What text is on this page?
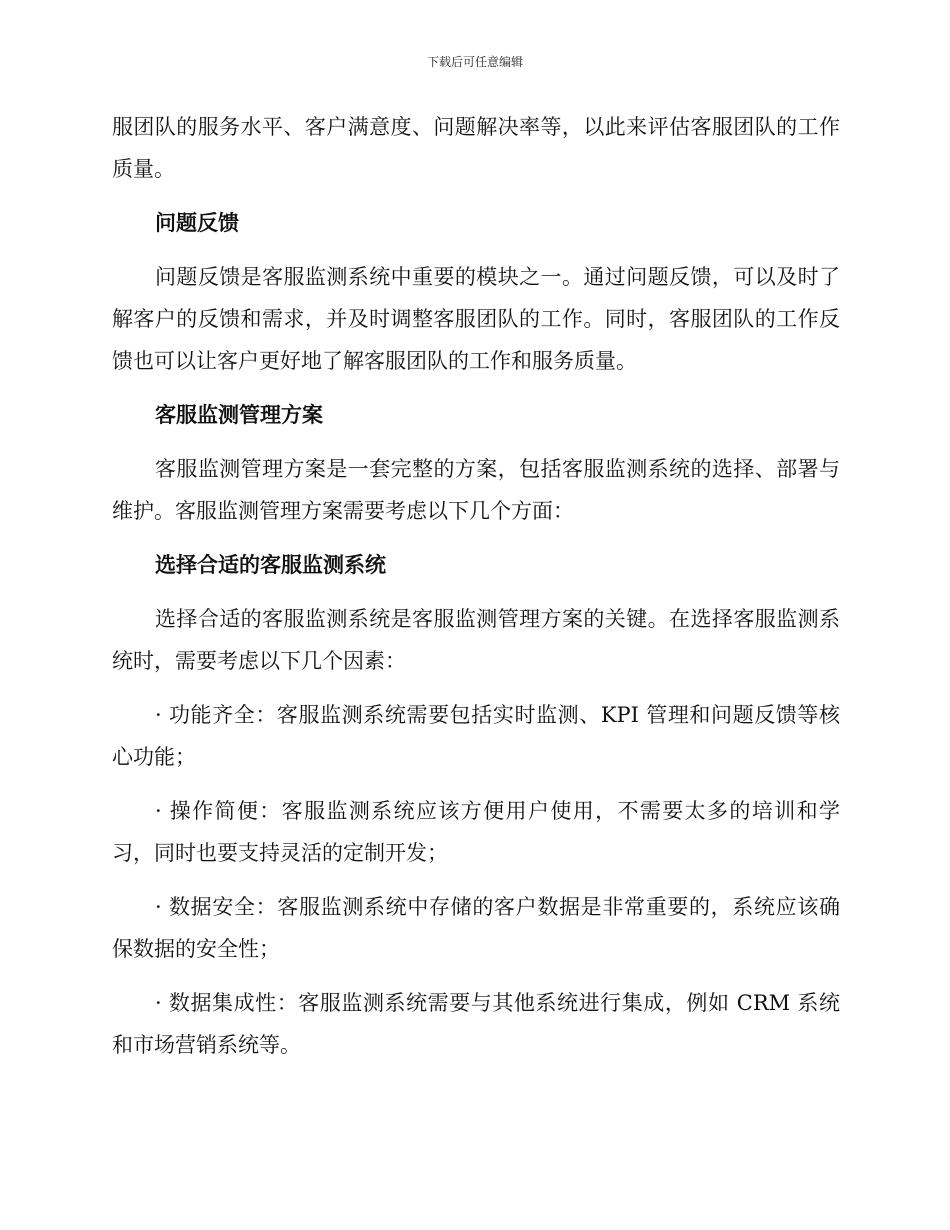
下载后可任意编辑

服团队的服务水平、客户满意度、问题解决率等，以此来评估客服团队的工作质量。

问题反馈

问题反馈是客服监测系统中重要的模块之一。通过问题反馈，可以及时了解客户的反馈和需求，并及时调整客服团队的工作。同时，客服团队的工作反馈也可以让客户更好地了解客服团队的工作和服务质量。

客服监测管理方案

客服监测管理方案是一套完整的方案，包括客服监测系统的选择、部署与维护。客服监测管理方案需要考虑以下几个方面：

选择合适的客服监测系统

选择合适的客服监测系统是客服监测管理方案的关键。在选择客服监测系统时，需要考虑以下几个因素：

· 功能齐全：客服监测系统需要包括实时监测、KPI 管理和问题反馈等核心功能；

· 操作简便：客服监测系统应该方便用户使用，不需要太多的培训和学习，同时也要支持灵活的定制开发；

· 数据安全：客服监测系统中存储的客户数据是非常重要的，系统应该确保数据的安全性；

· 数据集成性：客服监测系统需要与其他系统进行集成，例如 CRM 系统和市场营销系统等。
